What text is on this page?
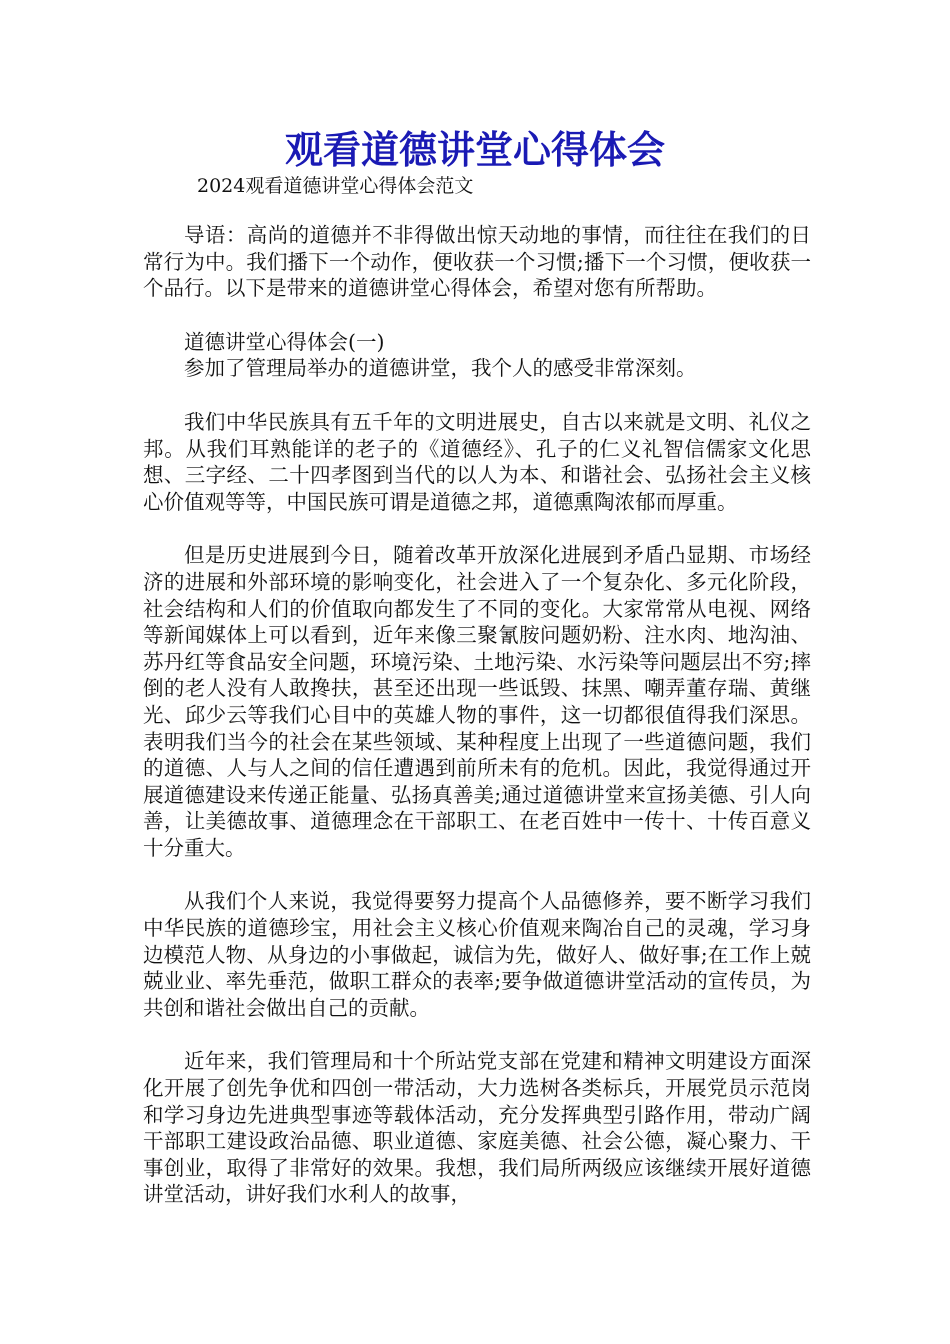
观看道德讲堂心得体会

2024观看道德讲堂心得体会范文

导语：高尚的道德并不非得做出惊天动地的事情，而往往在我们的日常行为中。我们播下一个动作，便收获一个习惯;播下一个习惯，便收获一个品行。以下是带来的道德讲堂心得体会，希望对您有所帮助。

道德讲堂心得体会(一)

参加了管理局举办的道德讲堂，我个人的感受非常深刻。

我们中华民族具有五千年的文明进展史，自古以来就是文明、礼仪之邦。从我们耳熟能详的老子的《道德经》、孔子的仁义礼智信儒家文化思想、三字经、二十四孝图到当代的以人为本、和谐社会、弘扬社会主义核心价值观等等，中国民族可谓是道德之邦，道德熏陶浓郁而厚重。

但是历史进展到今日，随着改革开放深化进展到矛盾凸显期、市场经济的进展和外部环境的影响变化，社会进入了一个复杂化、多元化阶段，社会结构和人们的价值取向都发生了不同的变化。大家常常从电视、网络等新闻媒体上可以看到，近年来像三聚氰胺问题奶粉、注水肉、地沟油、苏丹红等食品安全问题，环境污染、土地污染、水污染等问题层出不穷;摔倒的老人没有人敢搀扶，甚至还出现一些诋毁、抹黑、嘲弄董存瑞、黄继光、邱少云等我们心目中的英雄人物的事件，这一切都很值得我们深思。表明我们当今的社会在某些领域、某种程度上出现了一些道德问题，我们的道德、人与人之间的信任遭遇到前所未有的危机。因此，我觉得通过开展道德建设来传递正能量、弘扬真善美;通过道德讲堂来宣扬美德、引人向善，让美德故事、道德理念在干部职工、在老百姓中一传十、十传百意义十分重大。

从我们个人来说，我觉得要努力提高个人品德修养，要不断学习我们中华民族的道德珍宝，用社会主义核心价值观来陶冶自己的灵魂，学习身边模范人物、从身边的小事做起，诚信为先，做好人、做好事;在工作上兢兢业业、率先垂范，做职工群众的表率;要争做道德讲堂活动的宣传员，为共创和谐社会做出自己的贡献。

近年来，我们管理局和十个所站党支部在党建和精神文明建设方面深化开展了创先争优和四创一带活动，大力选树各类标兵，开展党员示范岗和学习身边先进典型事迹等载体活动，充分发挥典型引路作用，带动广阔干部职工建设政治品德、职业道德、家庭美德、社会公德，凝心聚力、干事创业，取得了非常好的效果。我想，我们局所两级应该继续开展好道德讲堂活动，讲好我们水利人的故事，
